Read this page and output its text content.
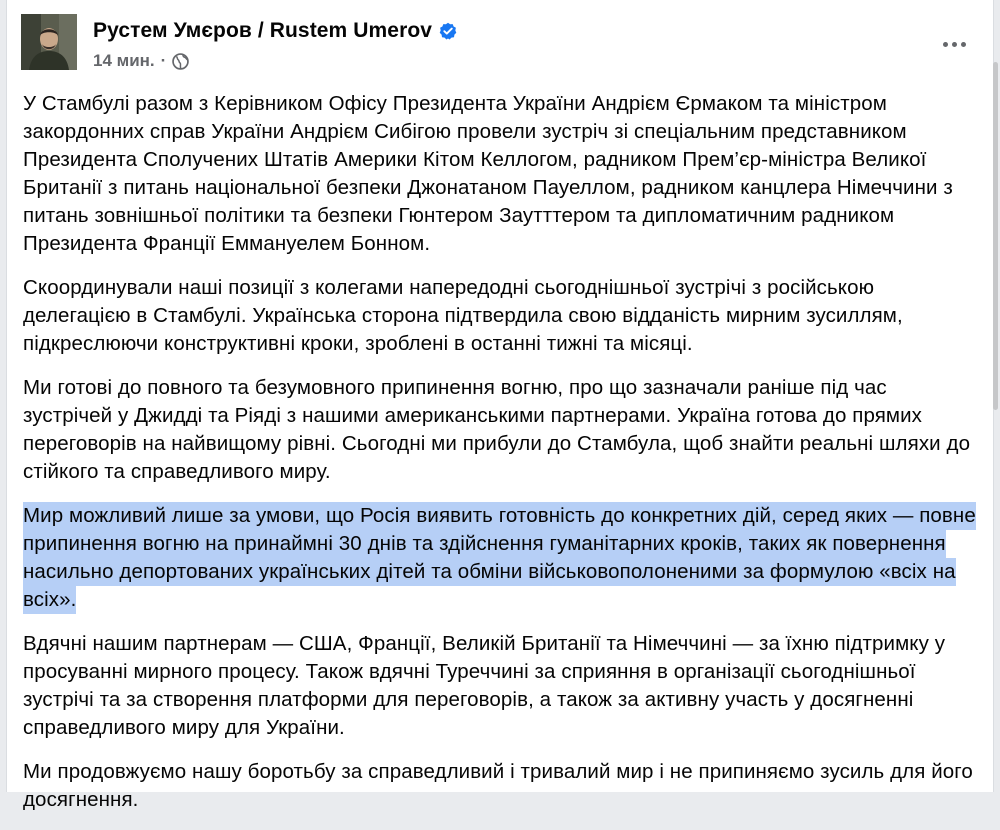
Рустем Умєров / Rustem Umerov
14 мин. ·

У Стамбулі разом з Керівником Офісу Президента України Андрієм Єрмаком та міністром закордонних справ України Андрієм Сибігою провели зустріч зі спеціальним представником Президента Сполучених Штатів Америки Кітом Келлогом, радником Прем’єр-міністра Великої Британії з питань національної безпеки Джонатаном Пауеллом, радником канцлера Німеччини з питань зовнішньої політики та безпеки Гюнтером Заутттером та дипломатичним радником Президента Франції Еммануелем Бонном.

Скоординували наші позиції з колегами напередодні сьогоднішньої зустрічі з російською делегацією в Стамбулі. Українська сторона підтвердила свою відданість мирним зусиллям, підкреслюючи конструктивні кроки, зроблені в останні тижні та місяці.

Ми готові до повного та безумовного припинення вогню, про що зазначали раніше під час зустрічей у Джидді та Ріяді з нашими американськими партнерами. Україна готова до прямих переговорів на найвищому рівні. Сьогодні ми прибули до Стамбула, щоб знайти реальні шляхи до стійкого та справедливого миру.

Мир можливий лише за умови, що Росія виявить готовність до конкретних дій, серед яких — повне припинення вогню на принаймні 30 днів та здійснення гуманітарних кроків, таких як повернення насильно депортованих українських дітей та обміни військовополоненими за формулою «всіх на всіх».

Вдячні нашим партнерам — США, Франції, Великій Британії та Німеччині — за їхню підтримку у просуванні мирного процесу. Також вдячні Туреччині за сприяння в організації сьогоднішньої зустрічі та за створення платформи для переговорів, а також за активну участь у досягненні справедливого миру для України.

Ми продовжуємо нашу боротьбу за справедливий і тривалий мир і не припиняємо зусиль для його досягнення.
